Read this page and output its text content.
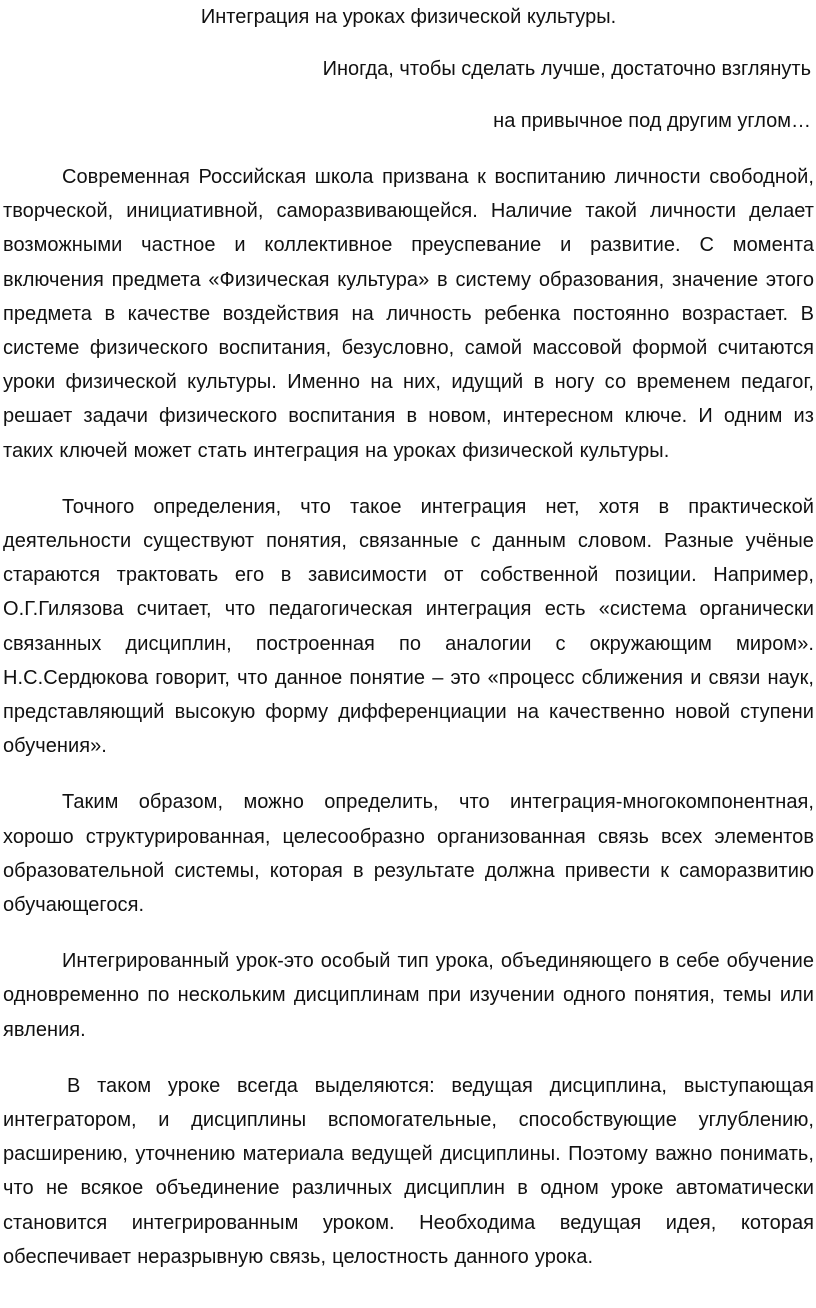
Интеграция на уроках физической культуры.

Иногда, чтобы сделать лучше, достаточно взглянуть

на привычное под другим углом…

Современная Российская школа призвана к воспитанию личности свободной, творческой, инициативной, саморазвивающейся. Наличие такой личности делает возможными частное и коллективное преуспевание и развитие. С момента включения предмета «Физическая культура» в систему образования, значение этого предмета в качестве воздействия на личность ребенка постоянно возрастает. В системе физического воспитания, безусловно, самой массовой формой считаются уроки физической культуры. Именно на них, идущий в ногу со временем педагог, решает задачи физического воспитания в новом, интересном ключе. И одним из таких ключей может стать интеграция на уроках физической культуры.

Точного определения, что такое интеграция нет, хотя в практической деятельности существуют понятия, связанные с данным словом. Разные учёные стараются трактовать его в зависимости от собственной позиции. Например, О.Г.Гилязова считает, что педагогическая интеграция есть «система органически связанных дисциплин, построенная по аналогии с окружающим миром». Н.С.Сердюкова говорит, что данное понятие – это «процесс сближения и связи наук, представляющий высокую форму дифференциации на качественно новой ступени обучения».

Таким образом, можно определить, что интеграция-многокомпонентная, хорошо структурированная, целесообразно организованная связь всех элементов образовательной системы, которая в результате должна привести к саморазвитию обучающегося.

Интегрированный урок-это особый тип урока, объединяющего в себе обучение одновременно по нескольким дисциплинам при изучении одного понятия, темы или явления.

В таком уроке всегда выделяются: ведущая дисциплина, выступающая интегратором, и дисциплины вспомогательные, способствующие углублению, расширению, уточнению материала ведущей дисциплины. Поэтому важно понимать, что не всякое объединение различных дисциплин в одном уроке автоматически становится интегрированным уроком. Необходима ведущая идея, которая обеспечивает неразрывную связь, целостность данного урока.
